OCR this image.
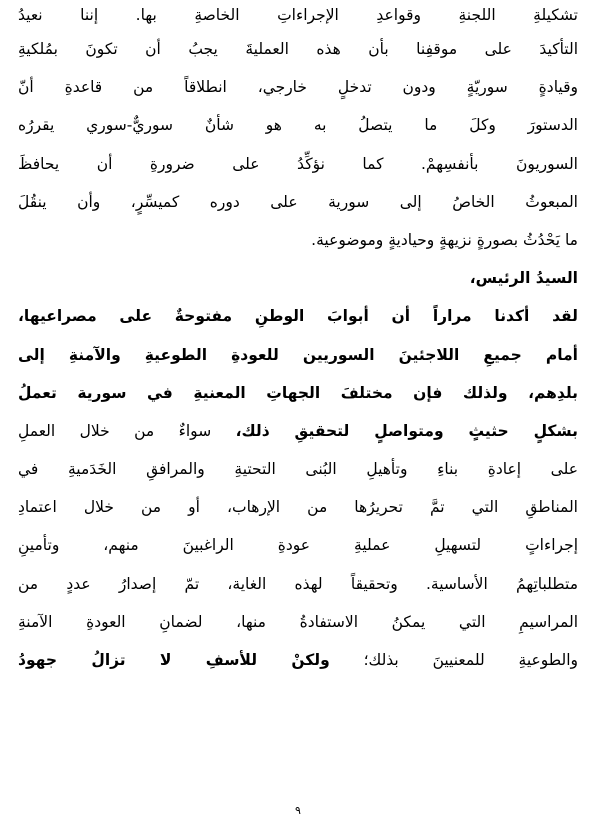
تشكيلةِ اللجنةِ وقواعدِ الإجراءاتِ الخاصةِ بها. إننا نعيدُ
التأكيدَ على موقفِنا بأن هذه العمليةَ يجبُ أن تكونَ بمُلكيةِ
وقيادةٍ سوريّةٍ ودون تدخلٍ خارجي، انطلاقاً من قاعدةِ أنّ
الدستورَ وكلَ ما يتصلُ به هو شأنٌ سوريٌّ-سوري يقررُه
السوريونَ بأنفسِهمْ. كما نؤكِّدُ على ضرورةِ أن يحافظَ
المبعوثُ الخاصُ إلى سورية على دوره كميسِّرٍ، وأن ينقُلَ
ما يَحْدُثُ بصورةٍ نزيهةٍ وحياديةٍ وموضوعية.
السيدُ الرئيس،
لقد أكدنا مراراً أن أبوابَ الوطنِ مفتوحةٌ على مصراعيها،
أمام جميعِ اللاجئينَ السوريين للعودةِ الطوعيةِ والآمنةِ إلى
بلدِهم، ولذلك فإن مختلفَ الجهاتِ المعنيةِ في سورية تعملُ
بشكلٍ حثيثٍ ومتواصلٍ لتحقيقِ ذلك، سواءٌ من خلال العملِ
على إعادةِ بناءِ وتأهيلِ البُنى التحتيةِ والمرافقِ الخَدَميةِ في
المناطقِ التي تمَّ تحريرُها من الإرهاب، أو من خلال اعتمادِ
إجراءاتٍ لتسهيلِ عمليةِ عودةِ الراغبينَ منهم، وتأمينِ
متطلباتِهمُ الأساسية. وتحقيقاً لهذه الغاية، تمّ إصدارُ عددٍ من
المراسيمِ التي يمكنُ الاستفادةُ منها، لضمانِ العودةِ الآمنةِ
والطوعيةِ للمعنيينَ بذلك؛ ولكنْ للأسفِ لا تزالُ جهودُ
٩
